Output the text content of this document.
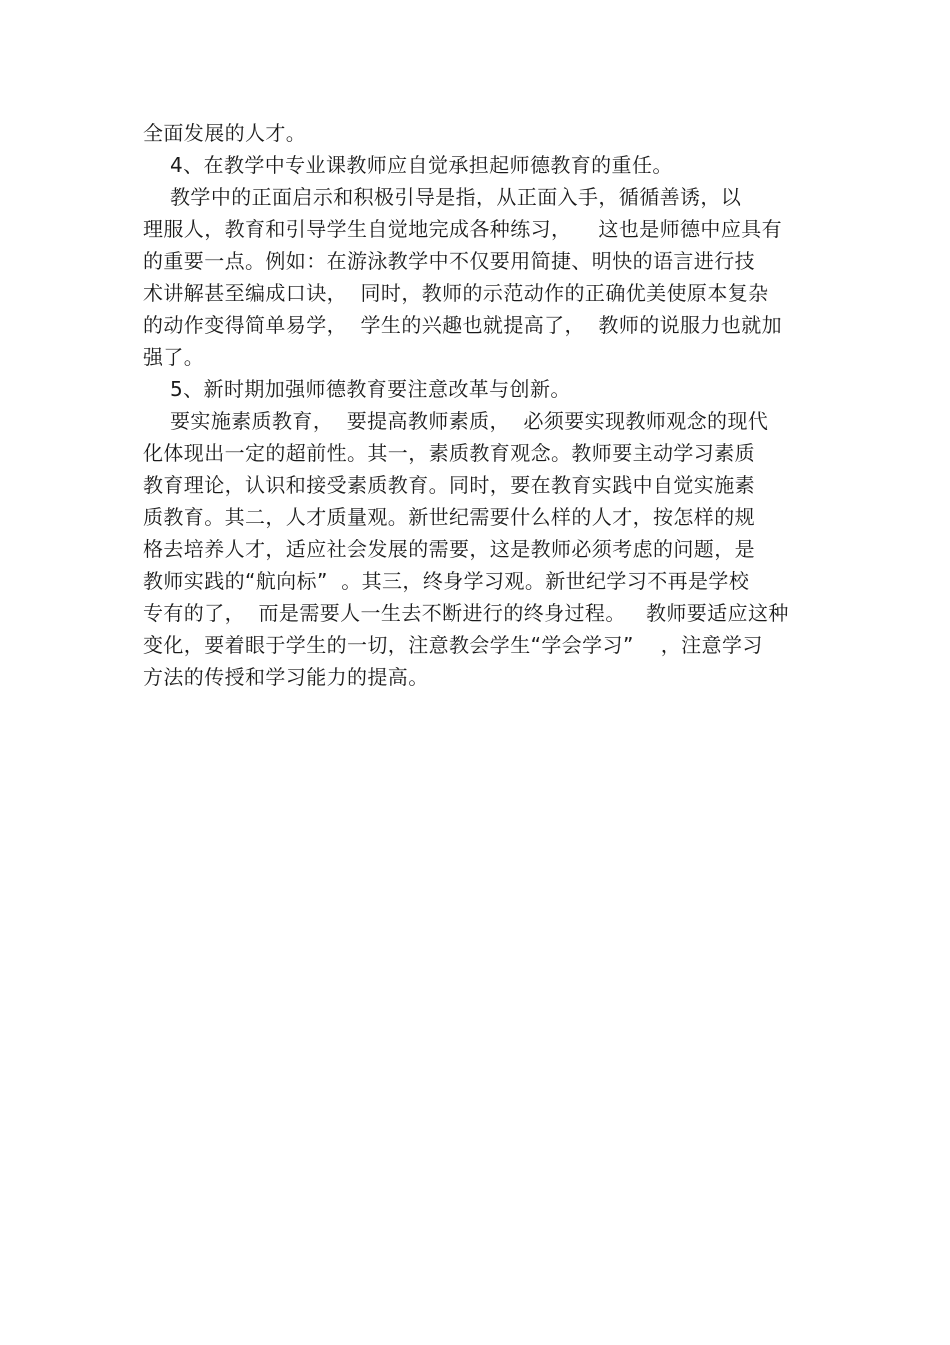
全面发展的人才。
4、在教学中专业课教师应自觉承担起师德教育的重任。
教学中的正面启示和积极引导是指，从正面入手，循循善诱，以
理服人，教育和引导学生自觉地完成各种练习，    这也是师德中应具有
的重要一点。例如：在游泳教学中不仅要用简捷、明快的语言进行技
术讲解甚至编成口诀，  同时，教师的示范动作的正确优美使原本复杂
的动作变得简单易学，  学生的兴趣也就提高了，  教师的说服力也就加
强了。
5、新时期加强师德教育要注意改革与创新。
要实施素质教育，  要提高教师素质，  必须要实现教师观念的现代
化体现出一定的超前性。其一，素质教育观念。教师要主动学习素质
教育理论，认识和接受素质教育。同时，要在教育实践中自觉实施素
质教育。其二，人才质量观。新世纪需要什么样的人才，按怎样的规
格去培养人才，适应社会发展的需要，这是教师必须考虑的问题，是
教师实践的“航向标”  。其三，终身学习观。新世纪学习不再是学校
专有的了，  而是需要人一生去不断进行的终身过程。   教师要适应这种
变化，要着眼于学生的一切，注意教会学生“学会学习”    ，注意学习
方法的传授和学习能力的提高。
